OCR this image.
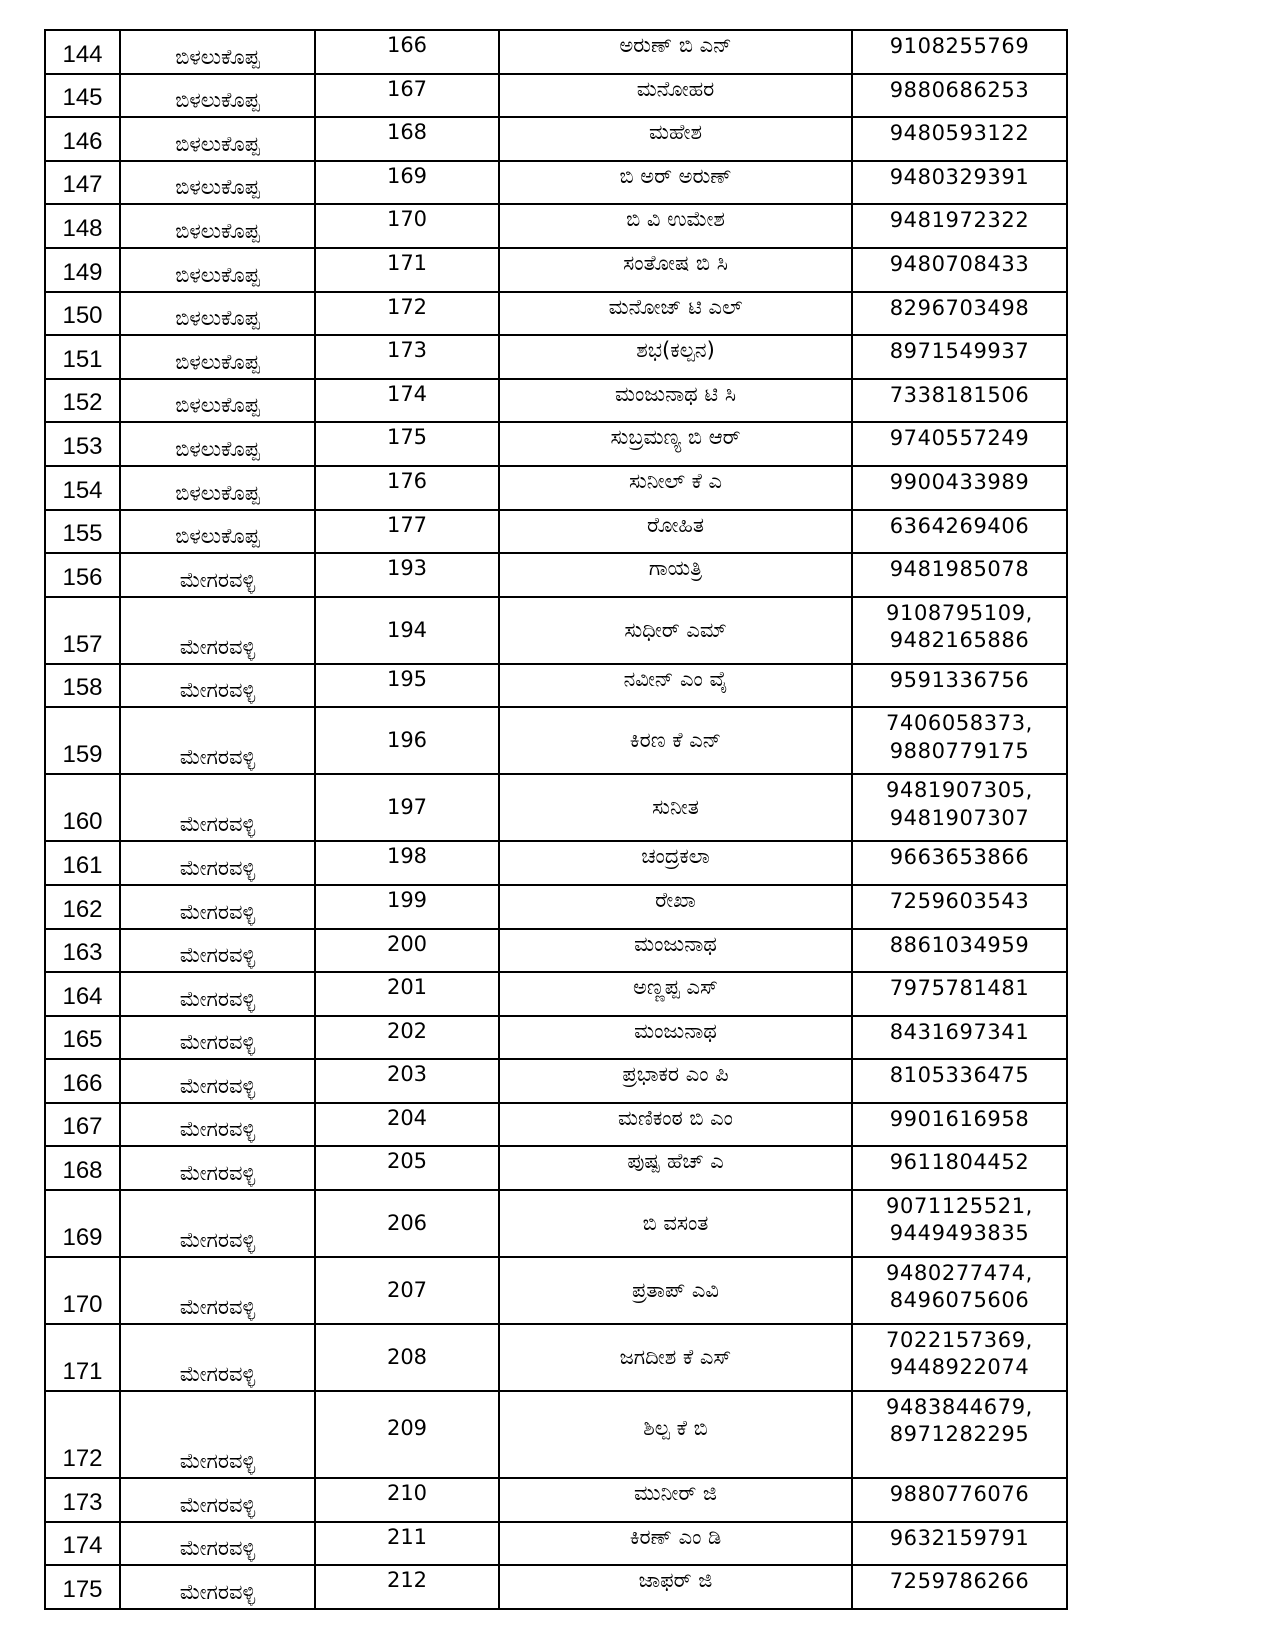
144	ಬಿಳಲುಕೊಪ್ಪ	166	ಅರುಣ್ ಬಿ ಎನ್	9108255769

145	ಬಿಳಲುಕೊಪ್ಪ	167	ಮನೋಹರ	9880686253

146	ಬಿಳಲುಕೊಪ್ಪ	168	ಮಹೇಶ	9480593122

147	ಬಿಳಲುಕೊಪ್ಪ	169	ಬಿ ಅರ್ ಅರುಣ್	9480329391

148	ಬಿಳಲುಕೊಪ್ಪ	170	ಬಿ ವಿ ಉಮೇಶ	9481972322

149	ಬಿಳಲುಕೊಪ್ಪ	171	ಸಂತೋಷ ಬಿ ಸಿ	9480708433

150	ಬಿಳಲುಕೊಪ್ಪ	172	ಮನೋಜ್ ಟಿ ಎಲ್	8296703498

151	ಬಿಳಲುಕೊಪ್ಪ	173	ಶಭ(ಕಲ್ಪನ)	8971549937

152	ಬಿಳಲುಕೊಪ್ಪ	174	ಮಂಜುನಾಥ ಟಿ ಸಿ	7338181506

153	ಬಿಳಲುಕೊಪ್ಪ	175	ಸುಬ್ರಮಣ್ಯ ಬಿ ಆರ್	9740557249

154	ಬಿಳಲುಕೊಪ್ಪ	176	ಸುನೀಲ್ ಕೆ ಎ	9900433989

155	ಬಿಳಲುಕೊಪ್ಪ	177	ರೋಹಿತ	6364269406

156	ಮೇಗರವಳ್ಳಿ	193	ಗಾಯತ್ರಿ	9481985078

157	ಮೇಗರವಳ್ಳಿ	194	ಸುಧೀರ್ ಎಮ್	9108795109,
9482165886

158	ಮೇಗರವಳ್ಳಿ	195	ನವೀನ್ ಎಂ ವೈ	9591336756

159	ಮೇಗರವಳ್ಳಿ	196	ಕಿರಣ ಕೆ ಎನ್	7406058373,
9880779175

160	ಮೇಗರವಳ್ಳಿ	197	ಸುನೀತ	9481907305,
9481907307

161	ಮೇಗರವಳ್ಳಿ	198	ಚಂದ್ರಕಲಾ	9663653866

162	ಮೇಗರವಳ್ಳಿ	199	ರೇಖಾ	7259603543

163	ಮೇಗರವಳ್ಳಿ	200	ಮಂಜುನಾಥ	8861034959

164	ಮೇಗರವಳ್ಳಿ	201	ಅಣ್ಣಪ್ಪ ಎಸ್	7975781481

165	ಮೇಗರವಳ್ಳಿ	202	ಮಂಜುನಾಥ	8431697341

166	ಮೇಗರವಳ್ಳಿ	203	ಪ್ರಭಾಕರ ಎಂ ಪಿ	8105336475

167	ಮೇಗರವಳ್ಳಿ	204	ಮಣಿಕಂಠ ಬಿ ಎಂ	9901616958

168	ಮೇಗರವಳ್ಳಿ	205	ಪುಷ್ಪ ಹೆಚ್ ಎ	9611804452

169	ಮೇಗರವಳ್ಳಿ	206	ಬಿ ವಸಂತ	9071125521,
9449493835

170	ಮೇಗರವಳ್ಳಿ	207	ಪ್ರತಾಪ್ ಎವಿ	9480277474,
8496075606

171	ಮೇಗರವಳ್ಳಿ	208	ಜಗದೀಶ ಕೆ ಎಸ್	7022157369,
9448922074

172	ಮೇಗರವಳ್ಳಿ	209	ಶಿಲ್ಪ ಕೆ ಬಿ	9483844679,
8971282295

173	ಮೇಗರವಳ್ಳಿ	210	ಮುನೀರ್ ಜಿ	9880776076

174	ಮೇಗರವಳ್ಳಿ	211	ಕಿರಣ್ ಎಂ ಡಿ	9632159791

175	ಮೇಗರವಳ್ಳಿ	212	ಜಾಫರ್ ಜಿ	7259786266
